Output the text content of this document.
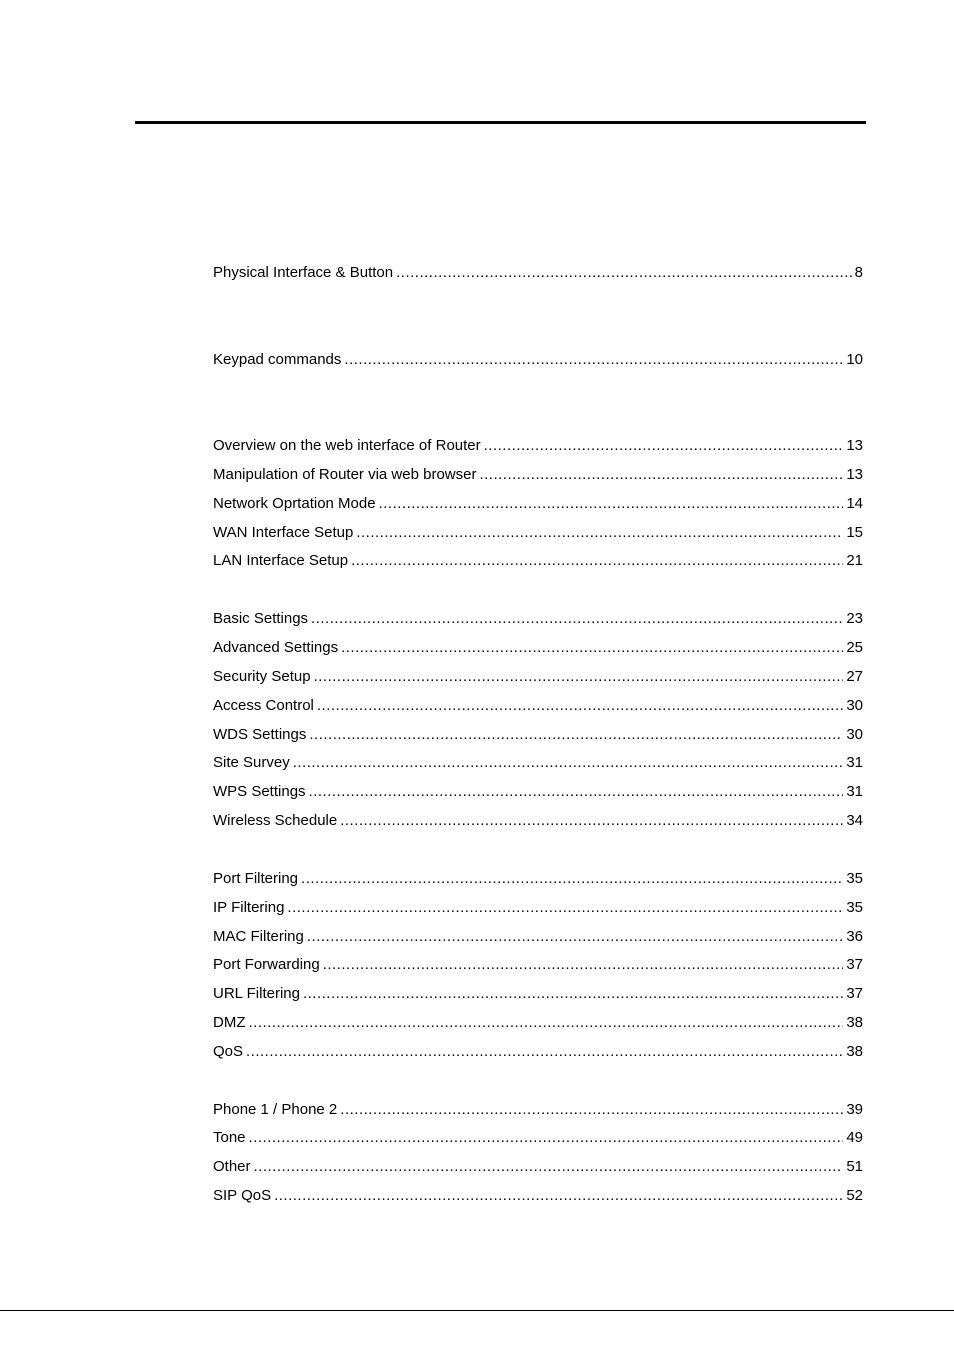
Physical Interface & Button .....	8
Keypad commands .....	10
Overview on the web interface of Router .....	13
Manipulation of Router via web browser .....	13
Network Oprtation Mode .....	14
WAN Interface Setup .....	15
LAN Interface Setup .....	21
Basic Settings .....	23
Advanced Settings .....	25
Security Setup .....	27
Access Control .....	30
WDS Settings .....	30
Site Survey .....	31
WPS Settings .....	31
Wireless Schedule .....	34
Port Filtering .....	35
IP Filtering .....	35
MAC Filtering .....	36
Port Forwarding .....	37
URL Filtering .....	37
DMZ .....	38
QoS .....	38
Phone 1 / Phone 2 .....	39
Tone .....	49
Other .....	51
SIP QoS .....	52
